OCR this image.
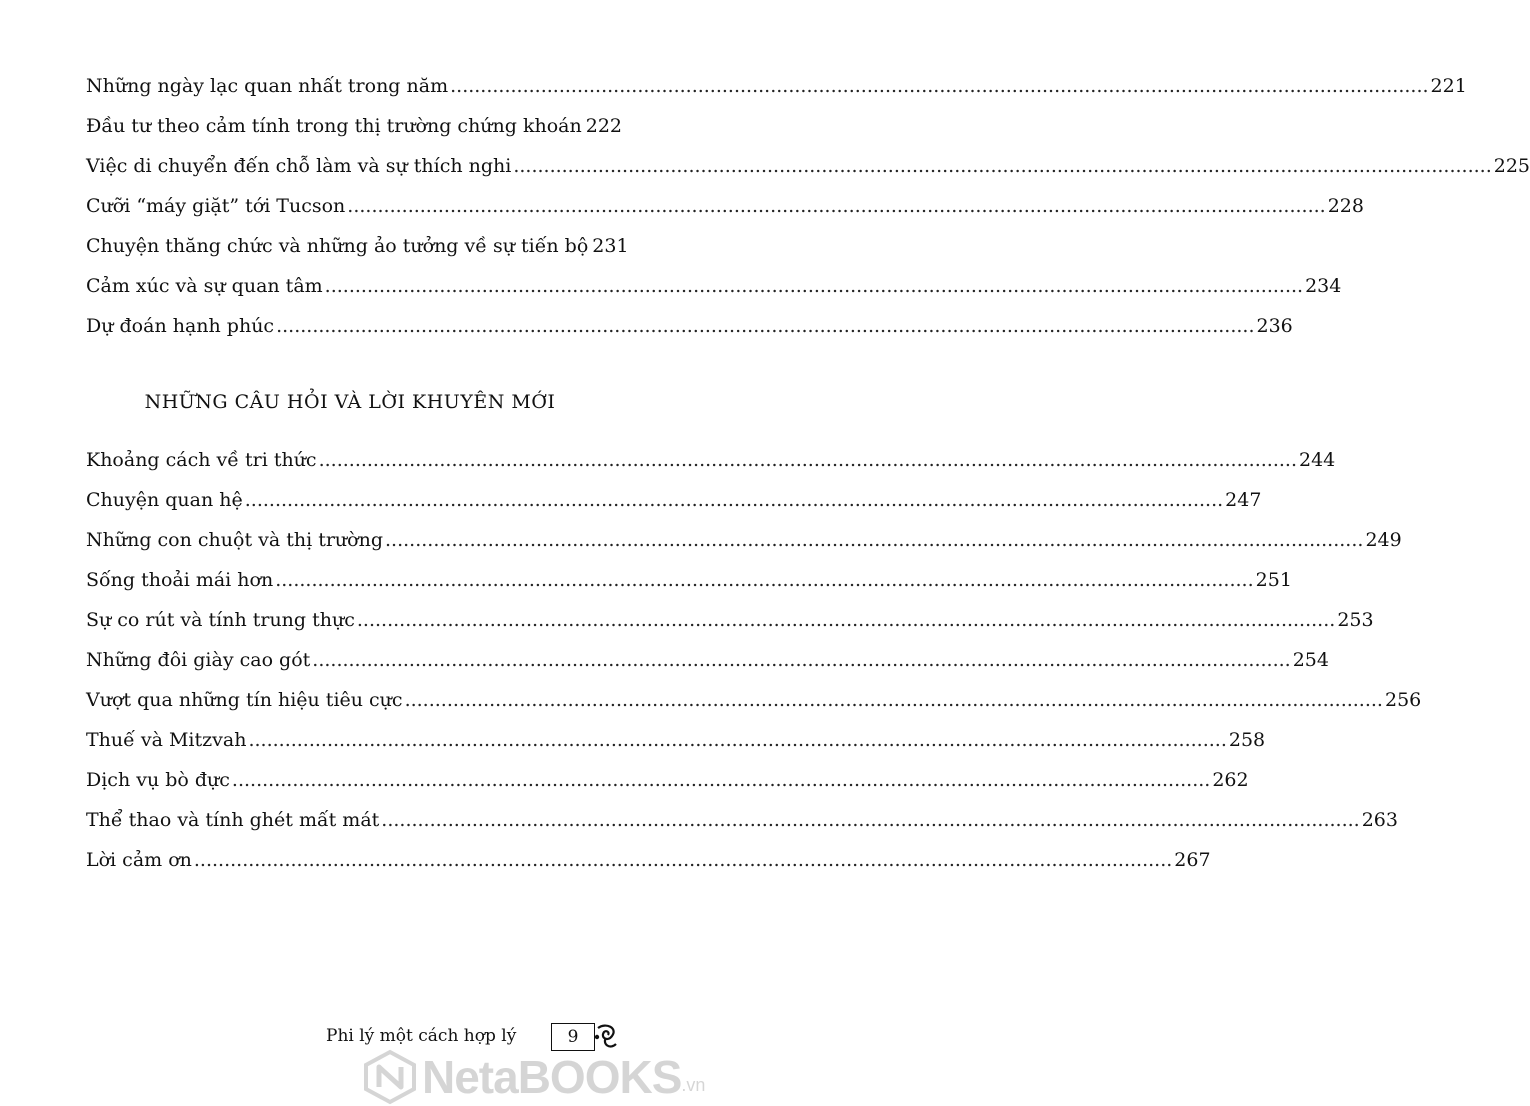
Những ngày lạc quan nhất trong năm .....	221
Đầu tư theo cảm tính trong thị trường chứng khoán 222
Việc di chuyển đến chỗ làm và sự thích nghi .....	225
Cưỡi “máy giặt” tới Tucson .....	228
Chuyện thăng chức và những ảo tưởng về sự tiến bộ 231
Cảm xúc và sự quan tâm .....	234
Dự đoán hạnh phúc .....	236
NHỮNG CÂU HỎI VÀ LỜI KHUYÊN MỚI
Khoảng cách về tri thức .....	244
Chuyện quan hệ .....	247
Những con chuột và thị trường .....	249
Sống thoải mái hơn .....	251
Sự co rút và tính trung thực .....	253
Những đôi giày cao gót .....	254
Vượt qua những tín hiệu tiêu cực .....	256
Thuế và Mitzvah .....	258
Dịch vụ bò đực .....	262
Thể thao và tính ghét mất mát .....	263
Lời cảm ơn .....	267
Phi lý một cách hợp lý	9
NetaBOOKS .vn
